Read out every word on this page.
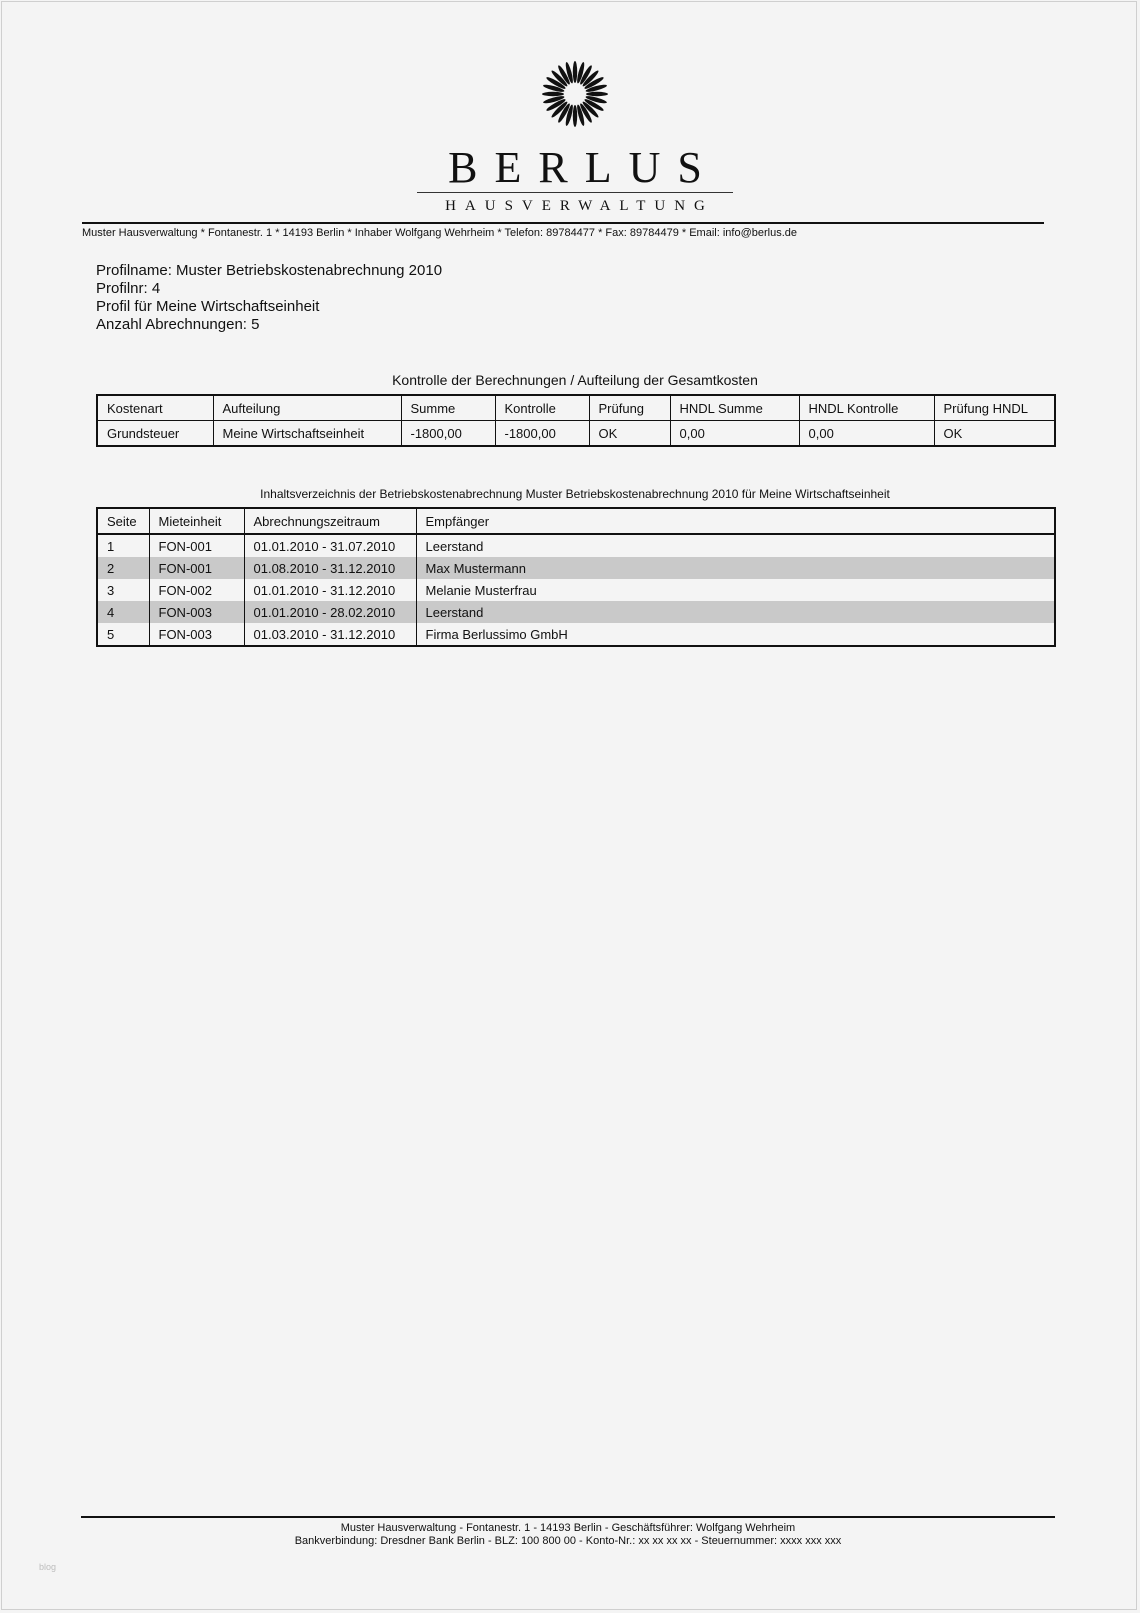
BERLUS
HAUSVERWALTUNG
Muster Hausverwaltung * Fontanestr. 1 * 14193 Berlin * Inhaber Wolfgang Wehrheim * Telefon: 89784477 * Fax: 89784479 * Email: info@berlus.de
Profilname: Muster Betriebskostenabrechnung 2010
Profilnr: 4
Profil für Meine Wirtschaftseinheit
Anzahl Abrechnungen: 5
Kontrolle der Berechnungen / Aufteilung der Gesamtkosten
Kostenart	Aufteilung	Summe	Kontrolle	Prüfung	HNDL Summe	HNDL Kontrolle	Prüfung HNDL
Grundsteuer	Meine Wirtschaftseinheit	-1800,00	-1800,00	OK	0,00	0,00	OK
Inhaltsverzeichnis der Betriebskostenabrechnung Muster Betriebskostenabrechnung 2010 für Meine Wirtschaftseinheit
Seite	Mieteinheit	Abrechnungszeitraum	Empfänger
1	FON-001	01.01.2010 - 31.07.2010	Leerstand
2	FON-001	01.08.2010 - 31.12.2010	Max Mustermann
3	FON-002	01.01.2010 - 31.12.2010	Melanie Musterfrau
4	FON-003	01.01.2010 - 28.02.2010	Leerstand
5	FON-003	01.03.2010 - 31.12.2010	Firma Berlussimo GmbH
Muster Hausverwaltung - Fontanestr. 1 - 14193 Berlin - Geschäftsführer: Wolfgang Wehrheim
Bankverbindung: Dresdner Bank Berlin - BLZ: 100 800 00 - Konto-Nr.: xx xx xx xx - Steuernummer: xxxx xxx xxx
blog
